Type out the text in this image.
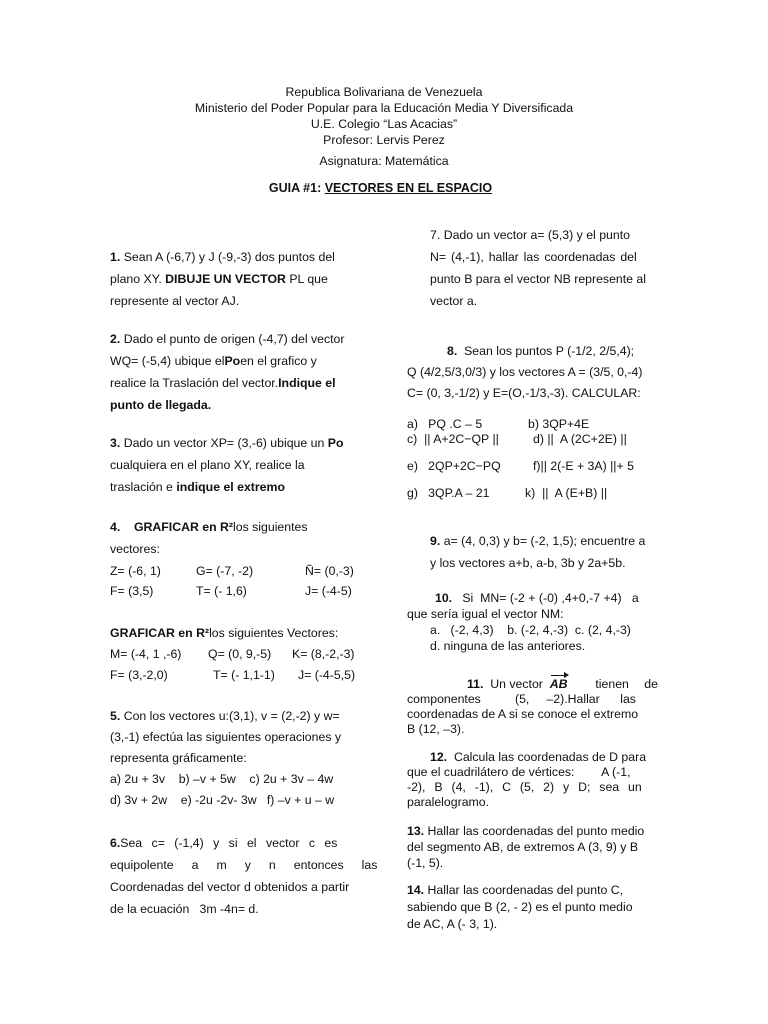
Republica Bolivariana de Venezuela
Ministerio del Poder Popular para la Educación Media Y Diversificada
U.E. Colegio “Las Acacias”
Profesor: Lervis Perez
Asignatura: Matemática
GUIA #1: VECTORES EN EL ESPACIO
1. Sean A (-6,7) y J (-9,-3) dos puntos del
plano XY. DIBUJE UN VECTOR PL que
represente al vector AJ.
2. Dado el punto de origen (-4,7) del vector
WQ= (-5,4) ubique elPoen el grafico y
realice la Traslación del vector.Indique el
punto de llegada.
3. Dado un vector XP= (3,-6) ubique un Po
cualquiera en el plano XY, realice la
traslación e indique el extremo
4. GRAFICAR en R²los siguientes
vectores:
Z= (-6, 1)	G= (-7, -2)	Ñ= (0,-3)
F= (3,5)	T= (- 1,6)	J= (-4-5)
GRAFICAR en R² los siguientes Vectores:
M= (-4, 1 ,-6) Q= (0, 9,-5) K= (8,-2,-3)
F= (3,-2,0)	T= (- 1,1-1) J= (-4-5,5)
5. Con los vectores u:(3,1), v = (2,-2) y w=
(3,-1) efectúa las siguientes operaciones y
representa gráficamente:
a) 2u + 3v    b) –v + 5w    c) 2u + 3v – 4w
d) 3v + 2w    e) -2u -2v- 3w   f) –v + u – w
6.Sea c= (-1,4) y si el vector c es
equipolente a m y n entonces las
Coordenadas del vector d obtenidos a partir
de la ecuación   3m -4n= d.
7. Dado un vector a= (5,3) y el punto
N= (4,-1), hallar las coordenadas del
punto B para el vector NB represente al
vector a.
8. Sean los puntos P (-1/2, 2/5,4);
Q (4/2,5/3,0/3) y los vectores A = (3/5, 0,-4)
C= (0, 3,-1/2) y E=(O,-1/3,-3). CALCULAR:
a)   PQ .C – 5	b) 3QP+4E
c)  || A+2C−QP ||	d) ||  A (2C+2E) ||
e)   2QP+2C−PQ	f)|| 2(-E + 3A) ||+ 5
g)   3QP.A – 21	k)  ||  A (E+B) ||
9. a= (4, 0,3) y b= (-2, 1,5); encuentre a
y los vectores a+b, a-b, 3b y 2a+5b.
10. Si  MN= (-2 + (-0) ,4+0,-7 +4)   a
que sería igual el vector NM:
a.   (-2, 4,3)    b. (-2, 4,-3)  c. (2, 4,-3)
d. ninguna de las anteriores.
11. Un vector AB tienen de
componentes          (5,     –2).Hallar      las
coordenadas de A si se conoce el extremo
B (12, –3).
12. Calcula las coordenadas de D para
que el cuadrilátero de vértices:        A (-1,
-2), B (4, -1), C (5, 2) y D; sea un
paralelogramo.
13. Hallar las coordenadas del punto medio
del segmento AB, de extremos A (3, 9) y B
(-1, 5).
14. Hallar las coordenadas del punto C,
sabiendo que B (2, - 2) es el punto medio
de AC, A (- 3, 1).
